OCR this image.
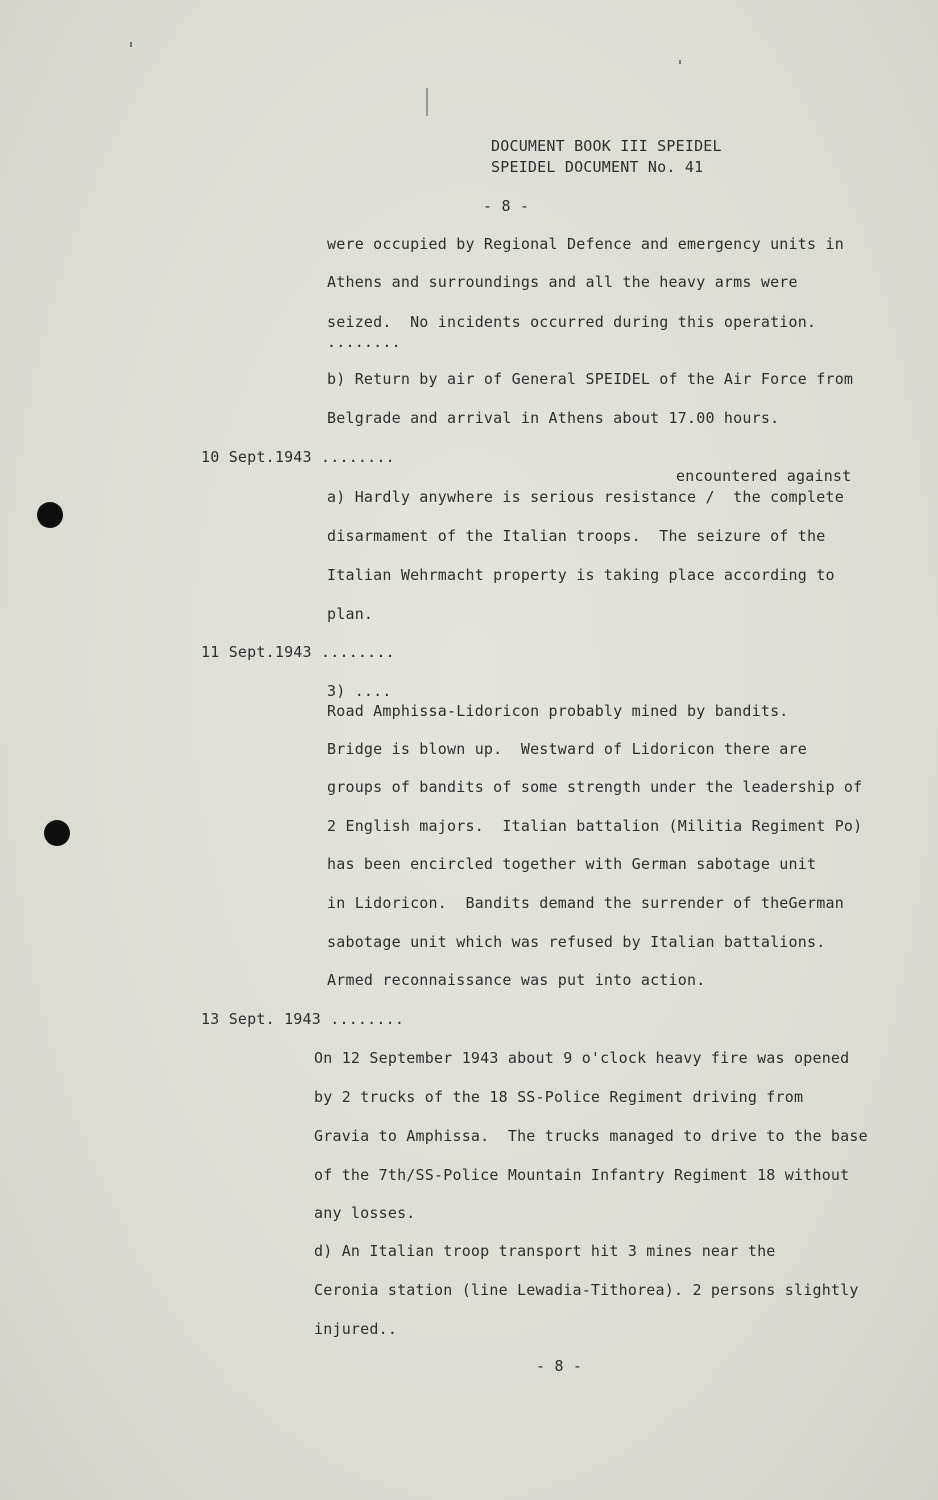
DOCUMENT BOOK III SPEIDEL
SPEIDEL DOCUMENT No. 41
- 8 -
were occupied by Regional Defence and emergency units in
Athens and surroundings and all the heavy arms were
seized.  No incidents occurred during this operation.
........
b) Return by air of General SPEIDEL of the Air Force from
Belgrade and arrival in Athens about 17.00 hours.
10 Sept.1943 ........
encountered against
a) Hardly anywhere is serious resistance /  the complete
disarmament of the Italian troops.  The seizure of the
Italian Wehrmacht property is taking place according to
plan.
11 Sept.1943 ........
3) ....
Road Amphissa-Lidoricon probably mined by bandits.
Bridge is blown up.  Westward of Lidoricon there are
groups of bandits of some strength under the leadership of
2 English majors.  Italian battalion (Militia Regiment Po)
has been encircled together with German sabotage unit
in Lidoricon.  Bandits demand the surrender of theGerman
sabotage unit which was refused by Italian battalions.
Armed reconnaissance was put into action.
13 Sept. 1943 ........
On 12 September 1943 about 9 o'clock heavy fire was opened
by 2 trucks of the 18 SS-Police Regiment driving from
Gravia to Amphissa.  The trucks managed to drive to the base
of the 7th/SS-Police Mountain Infantry Regiment 18 without
any losses.
d) An Italian troop transport hit 3 mines near the
Ceronia station (line Lewadia-Tithorea). 2 persons slightly
injured..
- 8 -
